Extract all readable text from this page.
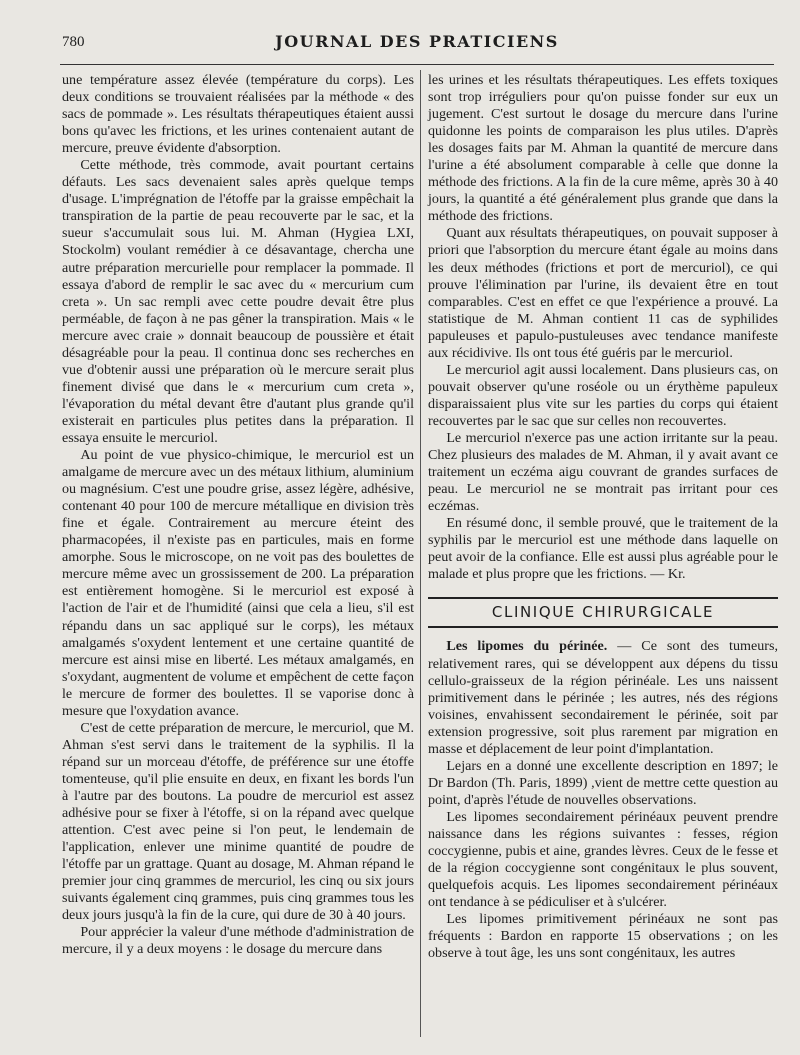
780	JOURNAL DES PRATICIENS

une température assez élevée (température du corps). Les deux conditions se trouvaient réalisées par la méthode « des sacs de pommade ». Les résultats thérapeutiques étaient aussi bons qu'avec les frictions, et les urines contenaient autant de mercure, preuve évidente d'absorption.

Cette méthode, très commode, avait pourtant certains défauts. Les sacs devenaient sales après quelque temps d'usage. L'imprégnation de l'étoffe par la graisse empêchait la transpiration de la partie de peau recouverte par le sac, et la sueur s'accumulait sous lui. M. Ahman (Hygiea LXI, Stockolm) voulant remédier à ce désavantage, chercha une autre préparation mercurielle pour remplacer la pommade. Il essaya d'abord de remplir le sac avec du « mercurium cum creta ». Un sac rempli avec cette poudre devait être plus perméable, de façon à ne pas gêner la transpiration. Mais « le mercure avec craie » donnait beaucoup de poussière et était désagréable pour la peau. Il continua donc ses recherches en vue d'obtenir aussi une préparation où le mercure serait plus finement divisé que dans le « mercurium cum creta », l'évaporation du métal devant être d'autant plus grande qu'il existerait en particules plus petites dans la préparation. Il essaya ensuite le mercuriol.

Au point de vue physico-chimique, le mercuriol est un amalgame de mercure avec un des métaux lithium, aluminium ou magnésium. C'est une poudre grise, assez légère, adhésive, contenant 40 pour 100 de mercure métallique en division très fine et égale. Contrairement au mercure éteint des pharmacopées, il n'existe pas en particules, mais en forme amorphe. Sous le microscope, on ne voit pas des boulettes de mercure même avec un grossissement de 200. La préparation est entièrement homogène. Si le mercuriol est exposé à l'action de l'air et de l'humidité (ainsi que cela a lieu, s'il est répandu dans un sac appliqué sur le corps), les métaux amalgamés s'oxydent lentement et une certaine quantité de mercure est ainsi mise en liberté. Les métaux amalgamés, en s'oxydant, augmentent de volume et empêchent de cette façon le mercure de former des boulettes. Il se vaporise donc à mesure que l'oxydation avance.

C'est de cette préparation de mercure, le mercuriol, que M. Ahman s'est servi dans le traitement de la syphilis. Il la répand sur un morceau d'étoffe, de préférence sur une étoffe tomenteuse, qu'il plie ensuite en deux, en fixant les bords l'un à l'autre par des boutons. La poudre de mercuriol est assez adhésive pour se fixer à l'étoffe, si on la répand avec quelque attention. C'est avec peine si l'on peut, le lendemain de l'application, enlever une minime quantité de poudre de l'étoffe par un grattage. Quant au dosage, M. Ahman répand le premier jour cinq grammes de mercuriol, les cinq ou six jours suivants également cinq grammes, puis cinq grammes tous les deux jours jusqu'à la fin de la cure, qui dure de 30 à 40 jours.

Pour apprécier la valeur d'une méthode d'administration de mercure, il y a deux moyens : le dosage du mercure dans

les urines et les résultats thérapeutiques. Les effets toxiques sont trop irréguliers pour qu'on puisse fonder sur eux un jugement. C'est surtout le dosage du mercure dans l'urine quidonne les points de comparaison les plus utiles. D'après les dosages faits par M. Ahman la quantité de mercure dans l'urine a été absolument comparable à celle que donne la méthode des frictions. A la fin de la cure même, après 30 à 40 jours, la quantité a été généralement plus grande que dans la méthode des frictions.

Quant aux résultats thérapeutiques, on pouvait supposer à priori que l'absorption du mercure étant égale au moins dans les deux méthodes (frictions et port de mercuriol), ce qui prouve l'élimination par l'urine, ils devaient être en tout comparables. C'est en effet ce que l'expérience a prouvé. La statistique de M. Ahman contient 11 cas de syphilides papuleuses et papulo-pustuleuses avec tendance manifeste aux récidivive. Ils ont tous été guéris par le mercuriol.

Le mercuriol agit aussi localement. Dans plusieurs cas, on pouvait observer qu'une roséole ou un érythème papuleux disparaissaient plus vite sur les parties du corps qui étaient recouvertes par le sac que sur celles non recouvertes.

Le mercuriol n'exerce pas une action irritante sur la peau. Chez plusieurs des malades de M. Ahman, il y avait avant ce traitement un eczéma aigu couvrant de grandes surfaces de peau. Le mercuriol ne se montrait pas irritant pour ces eczémas.

En résumé donc, il semble prouvé, que le traitement de la syphilis par le mercuriol est une méthode dans laquelle on peut avoir de la confiance. Elle est aussi plus agréable pour le malade et plus propre que les frictions. — Kr.

CLINIQUE CHIRURGICALE

Les lipomes du périnée. — Ce sont des tumeurs, relativement rares, qui se développent aux dépens du tissu cellulo-graisseux de la région périnéale. Les uns naissent primitivement dans le périnée ; les autres, nés des régions voisines, envahissent secondairement le périnée, soit par extension progressive, soit plus rarement par migration en masse et déplacement de leur point d'implantation.

Lejars en a donné une excellente description en 1897; le Dr Bardon (Th. Paris, 1899) ,vient de mettre cette question au point, d'après l'étude de nouvelles observations.

Les lipomes secondairement périnéaux peuvent prendre naissance dans les régions suivantes : fesses, région coccygienne, pubis et aine, grandes lèvres. Ceux de le fesse et de la région coccygienne sont congénitaux le plus souvent, quelquefois acquis. Les lipomes secondairement périnéaux ont tendance à se pédiculiser et à s'ulcérer.

Les lipomes primitivement périnéaux ne sont pas fréquents : Bardon en rapporte 15 observations ; on les observe à tout âge, les uns sont congénitaux, les autres
